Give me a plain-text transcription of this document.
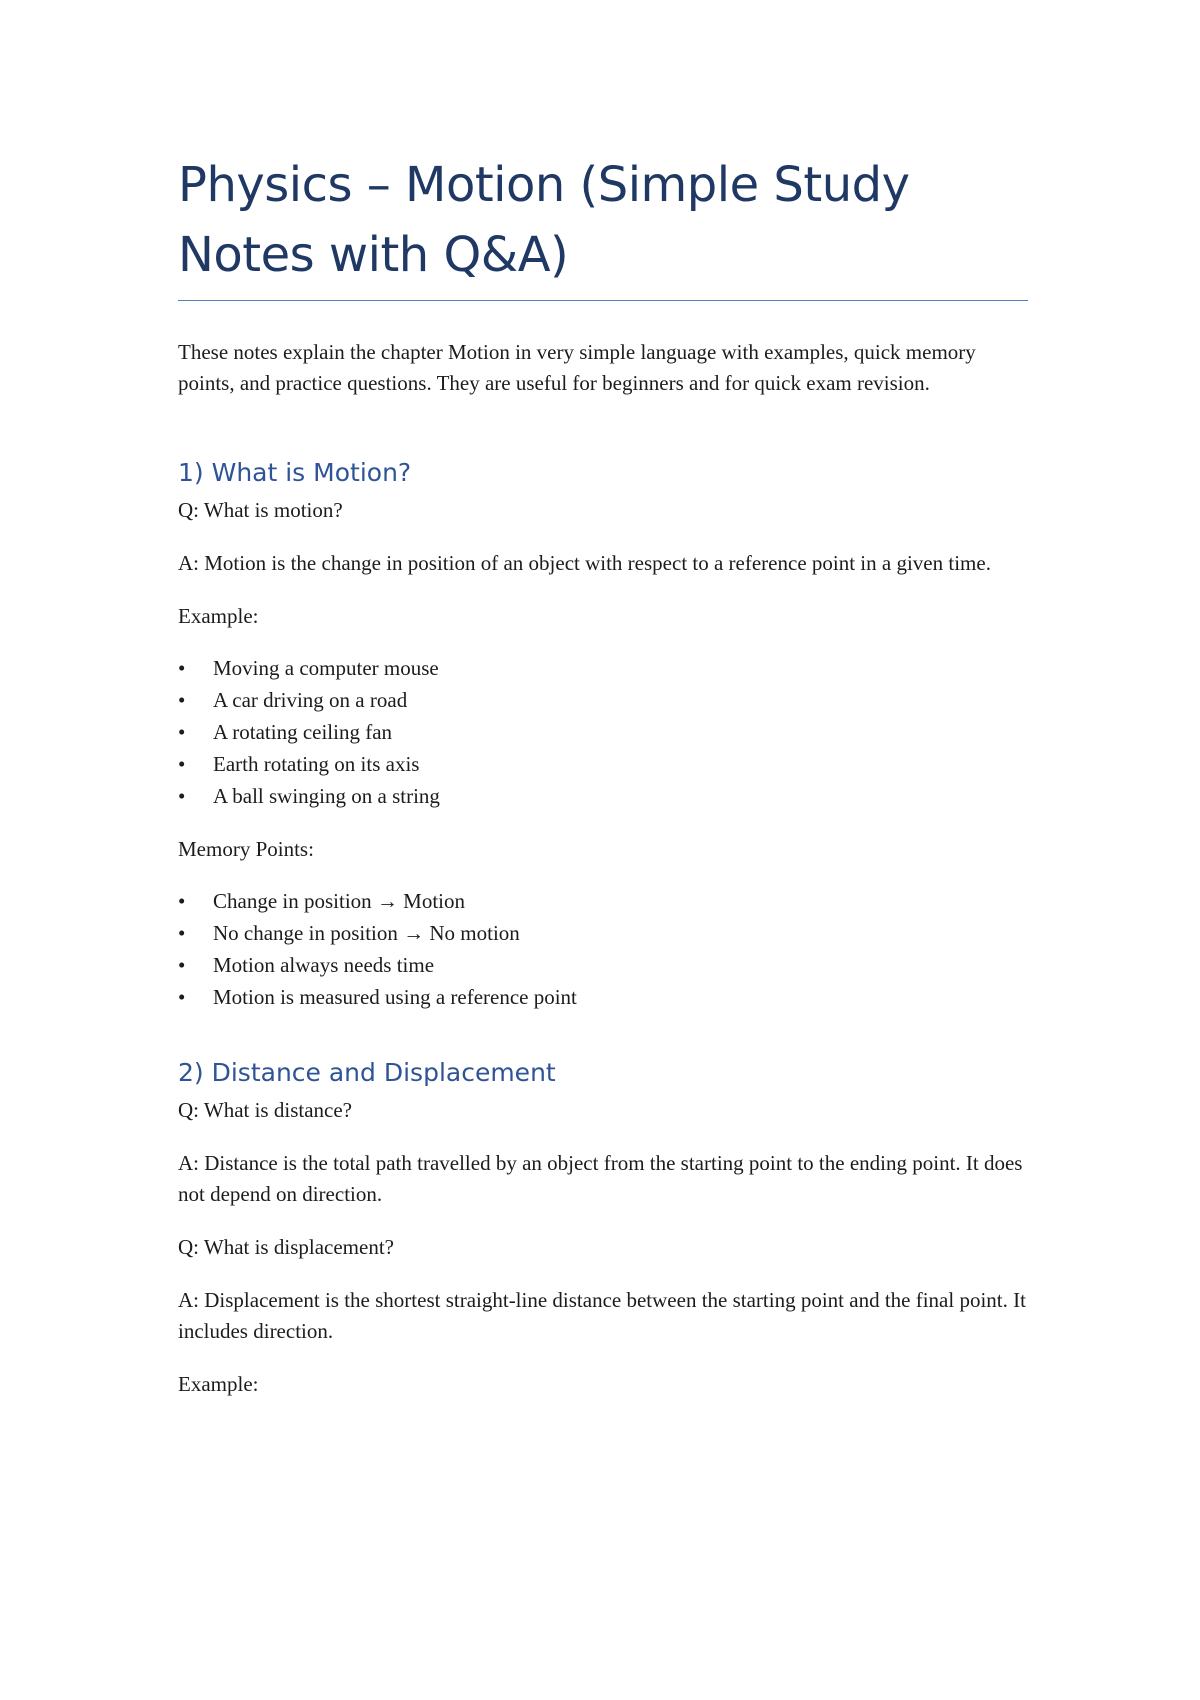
Physics – Motion (Simple Study Notes with Q&A)

These notes explain the chapter Motion in very simple language with examples, quick memory points, and practice questions. They are useful for beginners and for quick exam revision.

1) What is Motion?

Q: What is motion?

A: Motion is the change in position of an object with respect to a reference point in a given time.

Example:

• Moving a computer mouse
• A car driving on a road
• A rotating ceiling fan
• Earth rotating on its axis
• A ball swinging on a string

Memory Points:

• Change in position → Motion
• No change in position → No motion
• Motion always needs time
• Motion is measured using a reference point
2) Distance and Displacement

Q: What is distance?

A: Distance is the total path travelled by an object from the starting point to the ending point. It does not depend on direction.

Q: What is displacement?

A: Displacement is the shortest straight-line distance between the starting point and the final point. It includes direction.

Example:
